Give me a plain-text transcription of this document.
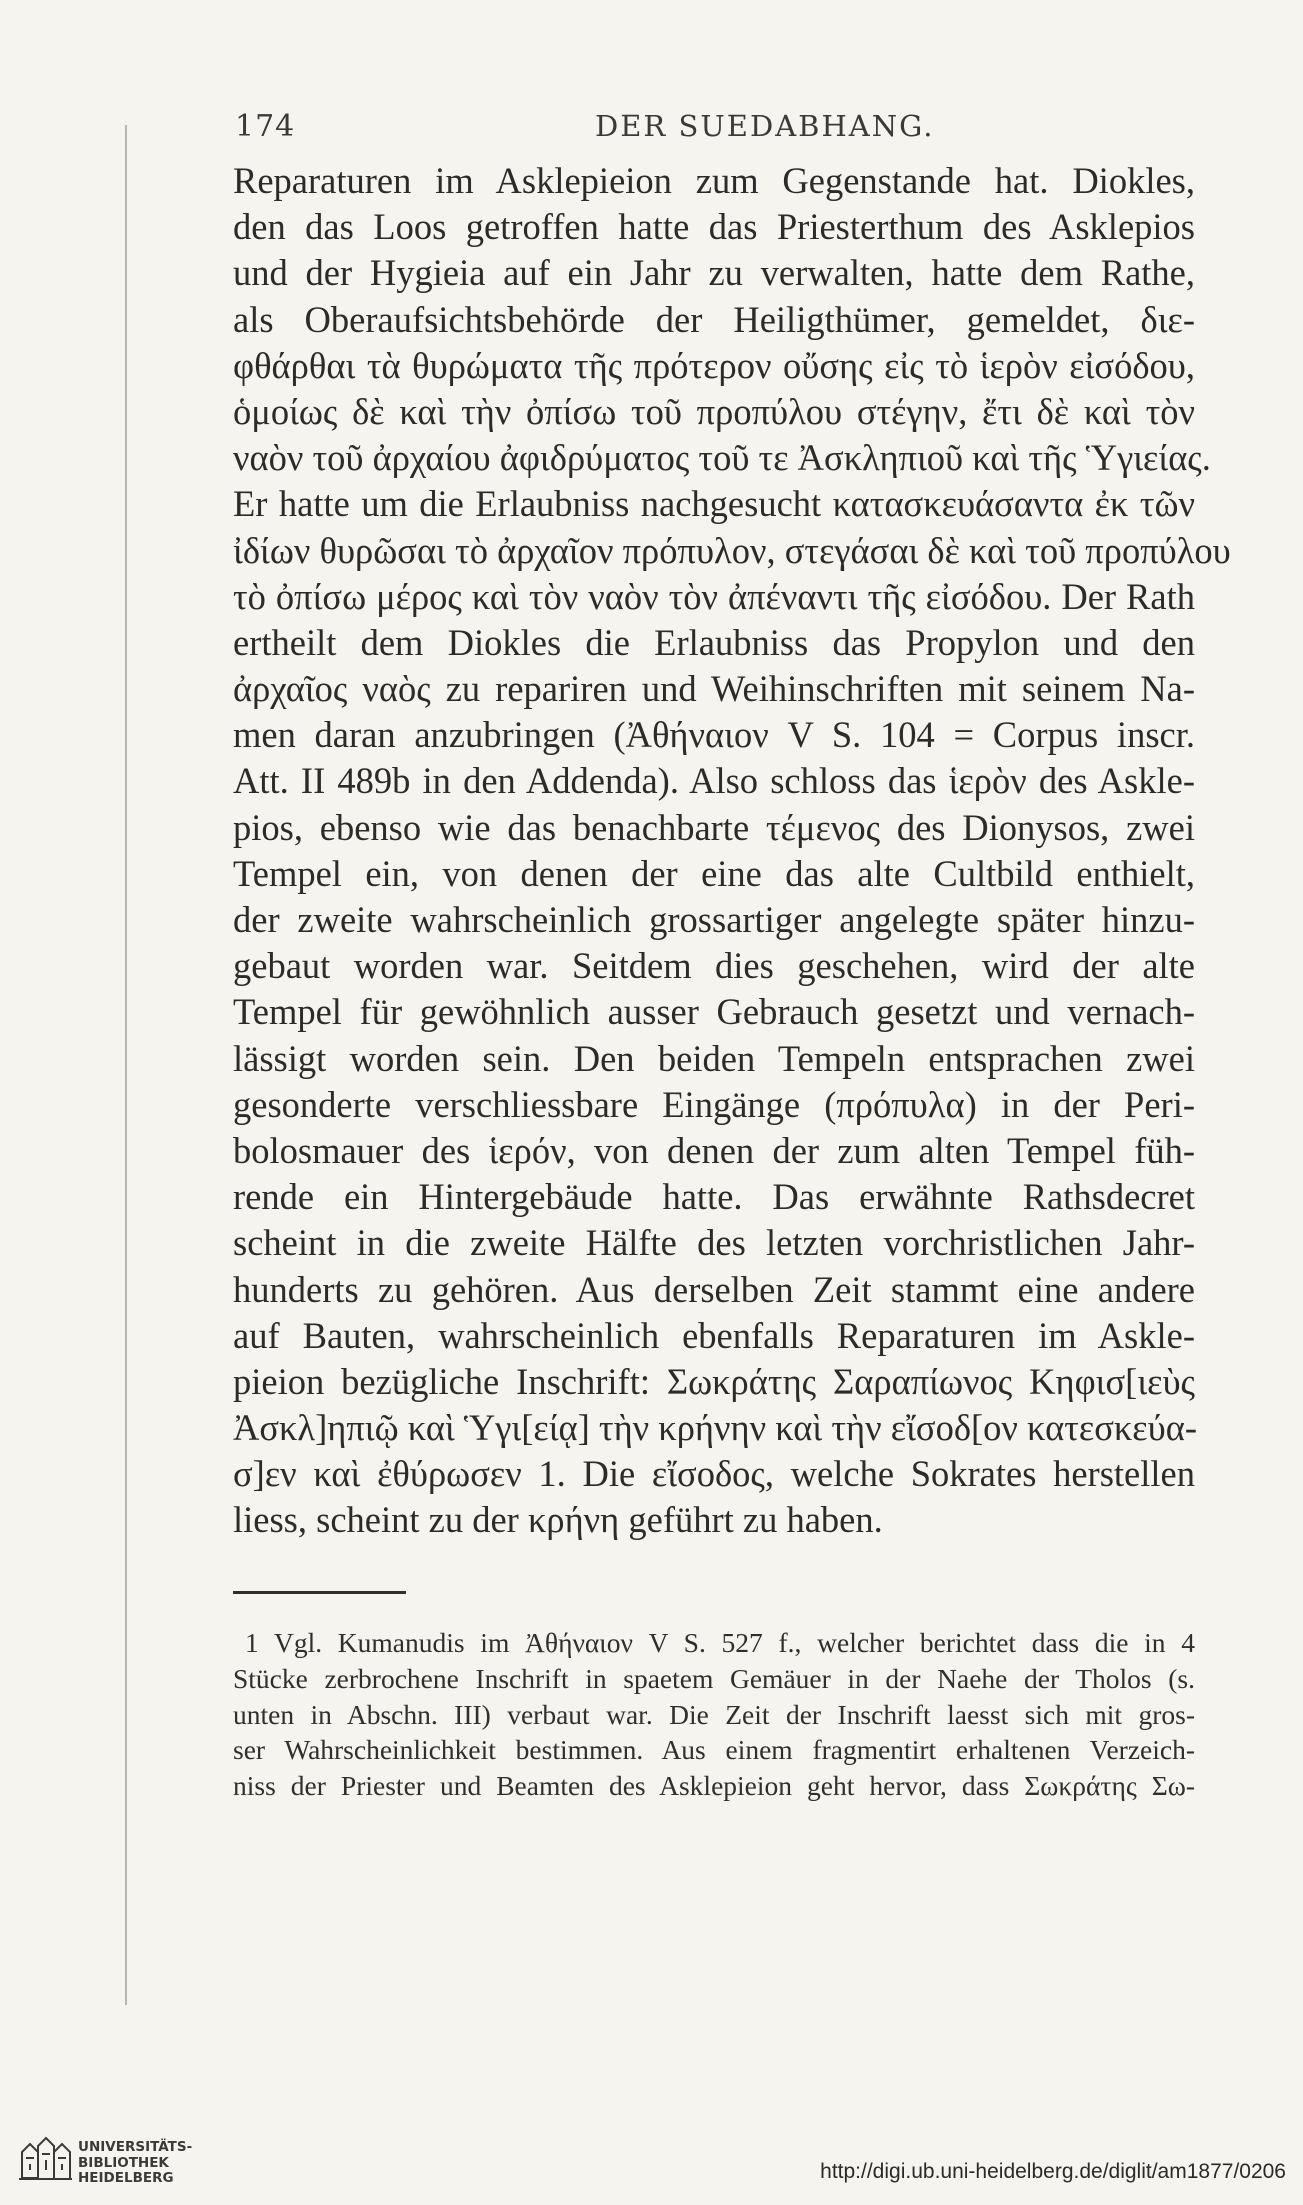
174	DER SUEDABHANG.
Reparaturen im Asklepieion zum Gegenstande hat. Diokles,
den das Loos getroffen hatte das Priesterthum des Asklepios
und der Hygieia auf ein Jahr zu verwalten, hatte dem Rathe,
als Oberaufsichtsbehörde der Heiligthümer, gemeldet, διε-
φθάρθαι τὰ θυρώματα τῆς πρότερον οὔσης εἰς τὸ ἱερὸν εἰσόδου,
ὁμοίως δὲ καὶ τὴν ὀπίσω τοῦ προπύλου στέγην, ἔτι δὲ καὶ τὸν
ναὸν τοῦ ἀρχαίου ἀφιδρύματος τοῦ τε Ἀσκληπιοῦ καὶ τῆς Ὑγιείας.
Er hatte um die Erlaubniss nachgesucht κατασκευάσαντα ἐκ τῶν
ἰδίων θυρῶσαι τὸ ἀρχαῖον πρόπυλον, στεγάσαι δὲ καὶ τοῦ προπύλου
τὸ ὀπίσω μέρος καὶ τὸν ναὸν τὸν ἀπέναντι τῆς εἰσόδου. Der Rath
ertheilt dem Diokles die Erlaubniss das Propylon und den
ἀρχαῖος ναὸς zu repariren und Weihinschriften mit seinem Na-
men daran anzubringen (Ἀθήναιον V S. 104 = Corpus inscr.
Att. II 489b in den Addenda). Also schloss das ἱερὸν des Askle-
pios, ebenso wie das benachbarte τέμενος des Dionysos, zwei
Tempel ein, von denen der eine das alte Cultbild enthielt,
der zweite wahrscheinlich grossartiger angelegte später hinzu-
gebaut worden war. Seitdem dies geschehen, wird der alte
Tempel für gewöhnlich ausser Gebrauch gesetzt und vernach-
lässigt worden sein. Den beiden Tempeln entsprachen zwei
gesonderte verschliessbare Eingänge (πρόπυλα) in der Peri-
bolosmauer des ἱερόν, von denen der zum alten Tempel füh-
rende ein Hintergebäude hatte. Das erwähnte Rathsdecret
scheint in die zweite Hälfte des letzten vorchristlichen Jahr-
hunderts zu gehören. Aus derselben Zeit stammt eine andere
auf Bauten, wahrscheinlich ebenfalls Reparaturen im Askle-
pieion bezügliche Inschrift: Σωκράτης Σαραπίωνος Κηφισ[ιεὺς
Ἀσκλ]ηπιῷ καὶ Ὑγι[είᾳ] τὴν κρήνην καὶ τὴν εἴσοδ[ον κατεσκεύα-
σ]εν καὶ ἐθύρωσεν 1. Die εἴσοδος, welche Sokrates herstellen
liess, scheint zu der κρήνη geführt zu haben.
1 Vgl. Kumanudis im Ἀθήναιον V S. 527 f., welcher berichtet dass die in 4
Stücke zerbrochene Inschrift in spaetem Gemäuer in der Naehe der Tholos (s.
unten in Abschn. III) verbaut war. Die Zeit der Inschrift laesst sich mit gros-
ser Wahrscheinlichkeit bestimmen. Aus einem fragmentirt erhaltenen Verzeich-
niss der Priester und Beamten des Asklepieion geht hervor, dass Σωκράτης Σω-
UNIVERSITÄTS-
BIBLIOTHEK
HEIDELBERG	http://digi.ub.uni-heidelberg.de/diglit/am1877/0206
